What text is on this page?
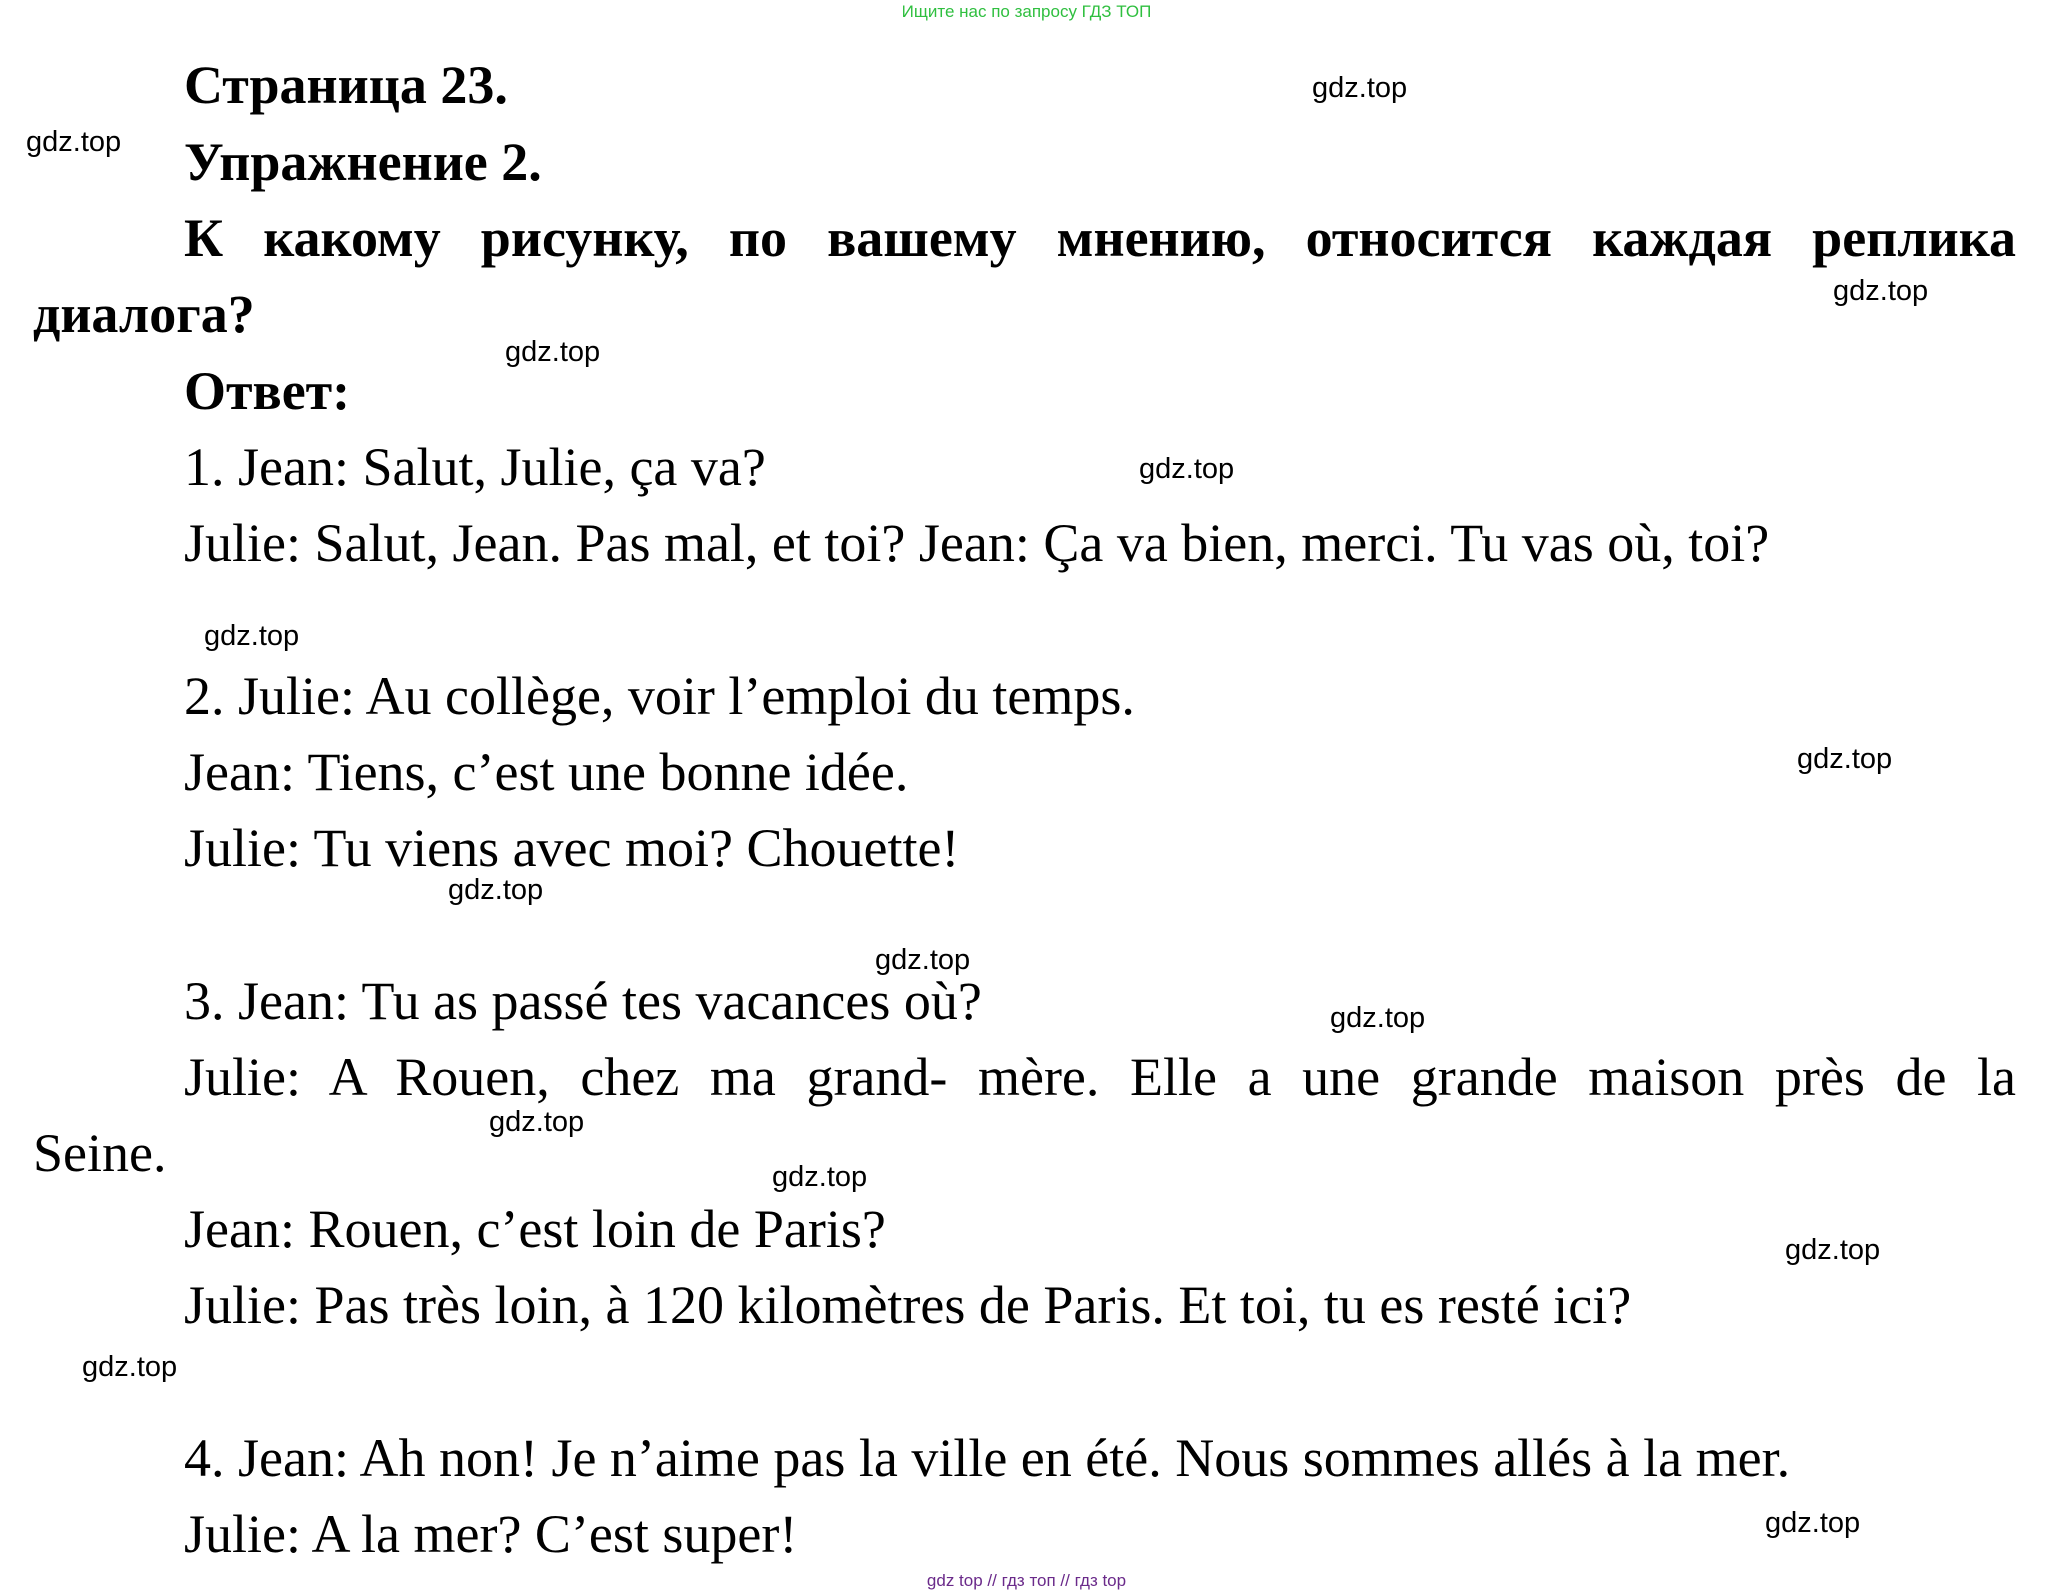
Ищите нас по запросу ГДЗ ТОП
Страница 23.
Упражнение 2.
К какому рисунку, по вашему мнению, относится каждая реплика
диалога?
Ответ:
1. Jean: Salut, Julie, ça va?
Julie: Salut, Jean. Pas mal, et toi? Jean: Ça va bien, merci. Tu vas où, toi?
2. Julie: Au collège, voir l’emploi du temps.
Jean: Tiens, c’est une bonne idée.
Julie: Tu viens avec moi? Chouette!
3. Jean: Tu as passé tes vacances où?
Julie: A Rouen, chez ma grand- mère. Elle a une grande maison près de la
Seine.
Jean: Rouen, c’est loin de Paris?
Julie: Pas très loin, à 120 kilomètres de Paris. Et toi, tu es resté ici?
4. Jean: Ah non! Je n’aime pas la ville en été. Nous sommes allés à la mer.
Julie: A la mer? C’est super!
gdz.top
gdz.top
gdz.top
gdz.top
gdz.top
gdz.top
gdz.top
gdz.top
gdz.top
gdz.top
gdz.top
gdz.top
gdz.top
gdz.top
gdz.top
gdz top // гдз топ // гдз top
